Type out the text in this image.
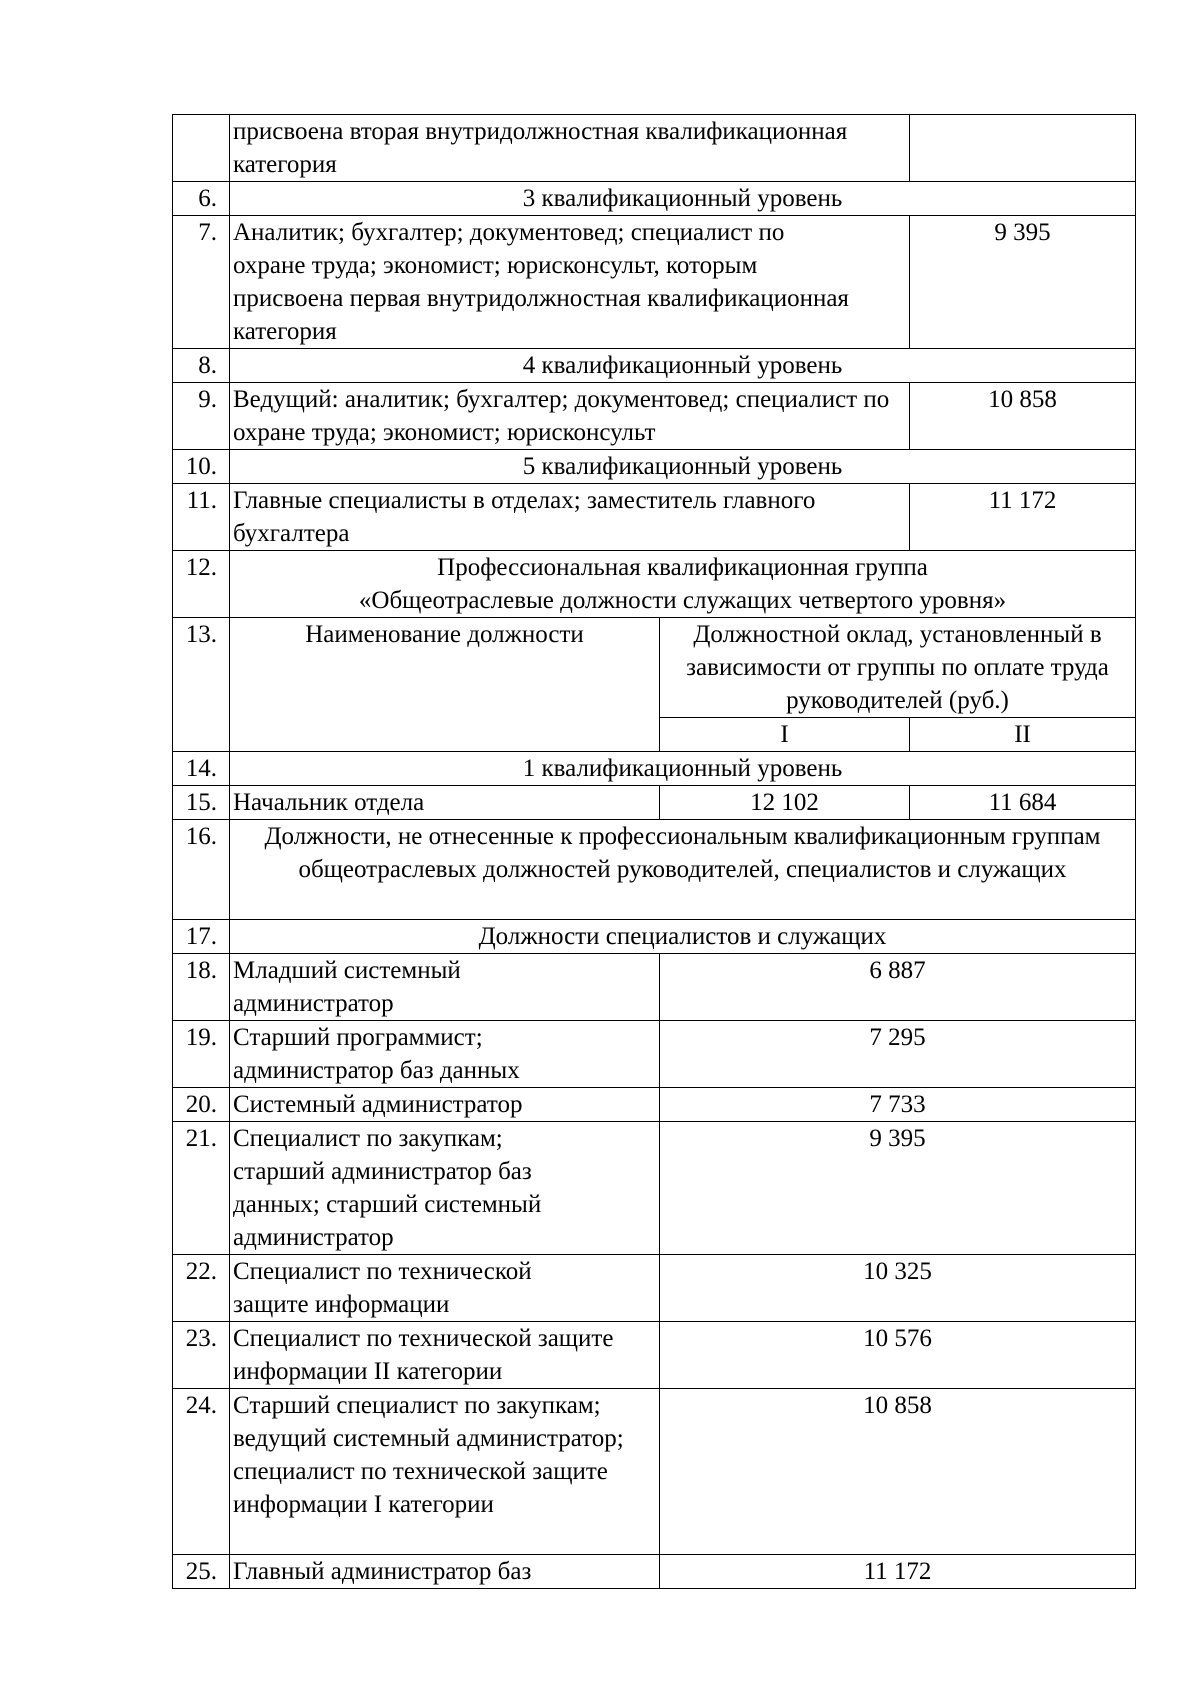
	присвоена вторая внутридолжностная квалификационная категория		
6.	3 квалификационный уровень		
7.	Аналитик; бухгалтер; документовед; специалист по охране труда; экономист; юрисконсульт, которым присвоена первая внутридолжностная квалификационная категория		9 395
8.	4 квалификационный уровень		
9.	Ведущий: аналитик; бухгалтер; документовед; специалист по охране труда; экономист; юрисконсульт		10 858
10.	5 квалификационный уровень		
11.	Главные специалисты в отделах; заместитель главного бухгалтера		11 172
12.	Профессиональная квалификационная группа
«Общеотраслевые должности служащих четвертого уровня»		

13.	Наименование должности	Должностной оклад, установленный в зависимости от группы по оплате труда руководителей (руб.)	
		I	II
14.	1 квалификационный уровень		
15.	Начальник отдела	12 102	11 684
16.	Должности, не отнесенные к профессиональным квалификационным группам общеотраслевых должностей руководителей, специалистов и служащих		
17.	Должности специалистов и служащих		
18.	Младший системный администратор	6 887	
19.	Старший программист; администратор баз данных	7 295	
20.	Системный администратор	7 733	
21.	Специалист по закупкам; старший администратор баз данных; старший системный администратор	9 395	
22.	Специалист по технической защите информации	10 325	
23.	Специалист по технической защите информации II категории	10 576	
24.	Старший специалист по закупкам; ведущий системный администратор; специалист по технической защите информации I категории	10 858	
25.	Главный администратор баз	11 172	
